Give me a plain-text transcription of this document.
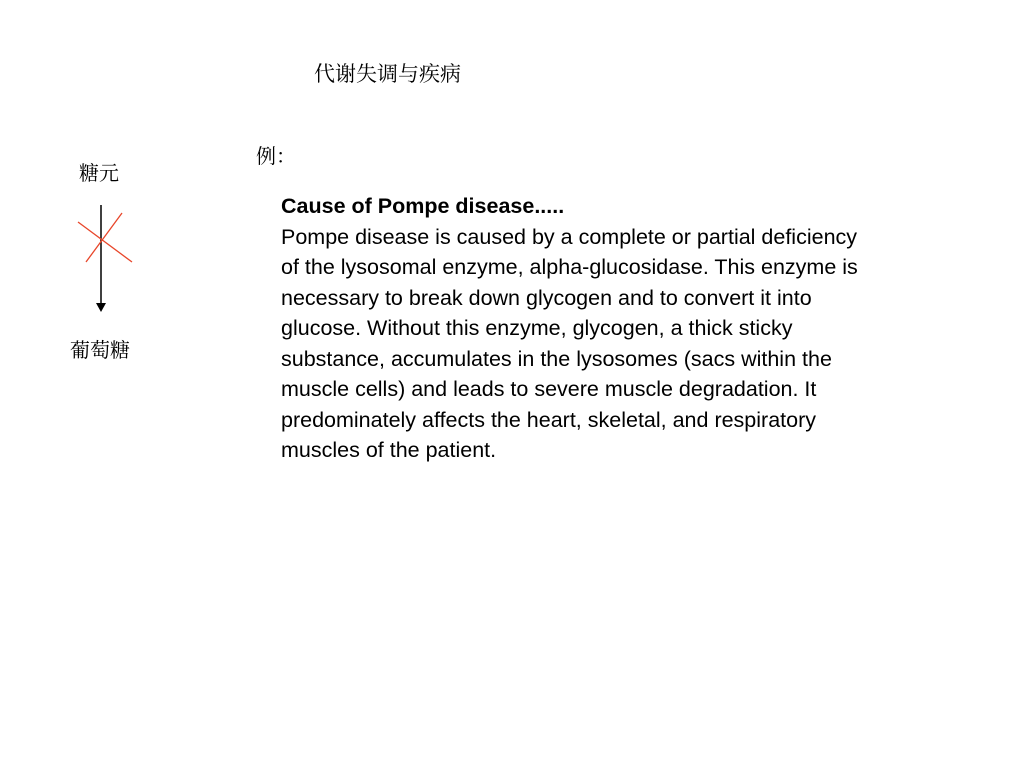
代谢失调与疾病
例：
糖元
葡萄糖
Cause of Pompe disease.....
Pompe disease is caused by a complete or partial deficiency
of the lysosomal enzyme, alpha-glucosidase. This enzyme is
necessary to break down glycogen and to convert it into
glucose. Without this enzyme, glycogen, a thick sticky
substance, accumulates in the lysosomes (sacs within the
muscle cells) and leads to severe muscle degradation. It
predominately affects the heart, skeletal, and respiratory
muscles of the patient.
